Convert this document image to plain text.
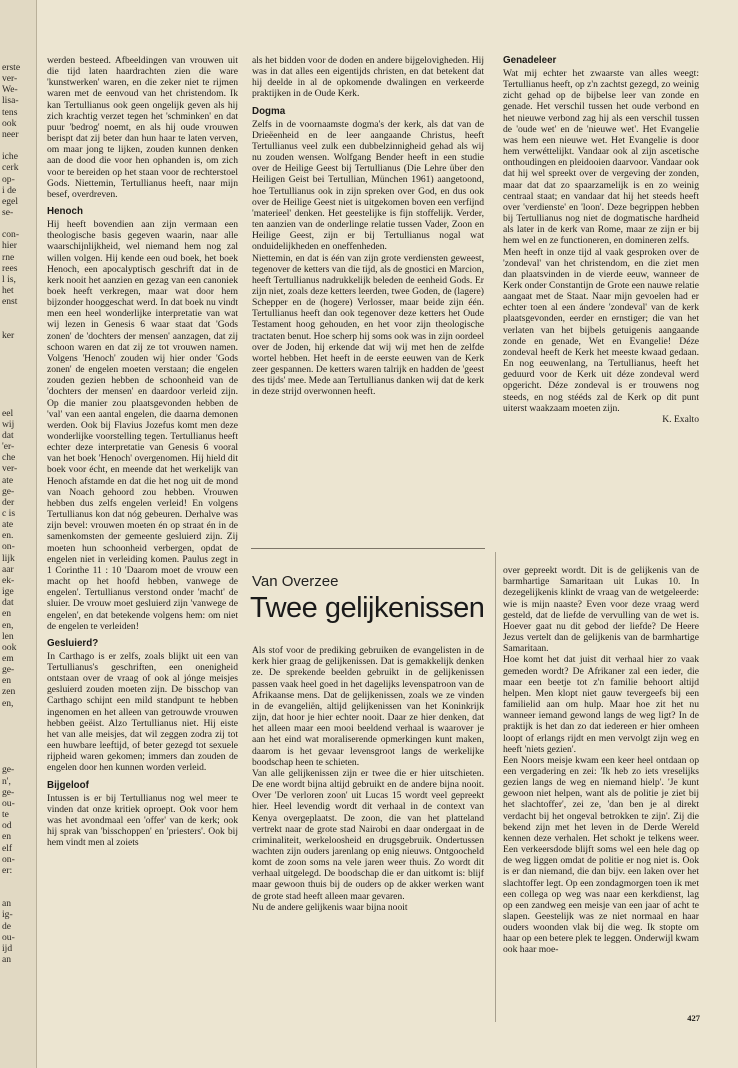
erste
ver-
We-
lisa-
tens
ook
neer
iche
cerk
op-
i de
egel
se-
con-
hier
rne
rees
l is,
het
enst
ker
eel
wij
dat
'er-
che
ver-
ate
ge-
der
c is
ate
en.
on-
lijk
aar
ek-
ige
dat
en
en,
len
ook
em
ge-
en
zen
en,
ge-
n',
ge-
ou-
te
od
en
elf
on-
er:
an
ig-
de
ou-
ijd
an

werden besteed. Afbeeldingen van vrouwen uit die tijd laten haardrachten zien die ware 'kunstwerken' waren, en die zeker niet te rijmen waren met de eenvoud van het christendom. Ik kan Tertullianus ook geen ongelijk geven als hij zich krachtig verzet tegen het 'schminken' en dat puur 'bedrog' noemt, en als hij oude vrouwen berispt dat zij beter dan hun haar te laten verven, om maar jong te lijken, zouden kunnen denken aan de dood die voor hen ophanden is, om zich voor te bereiden op het staan voor de rechterstoel Gods. Niettemin, Tertullianus heeft, naar mijn besef, overdreven.

Henoch

Hij heeft bovendien aan zijn vermaan een theologische basis gegeven waarin, naar alle waarschijnlijkheid, wel niemand hem nog zal willen volgen. Hij kende een oud boek, het boek Henoch, een apocalyptisch geschrift dat in de kerk nooit het aanzien en gezag van een canoniek boek heeft verkregen, maar wat door hem bijzonder hooggeschat werd. In dat boek nu vindt men een heel wonderlijke interpretatie van wat wij lezen in Genesis 6 waar staat dat 'Gods zonen' de 'dochters der mensen' aanzagen, dat zij schoon waren en dat zij ze tot vrouwen namen. Volgens 'Henoch' zouden wij hier onder 'Gods zonen' de engelen moeten verstaan; die engelen zouden gezien hebben de schoonheid van de 'dochters der mensen' en daardoor verleid zijn. Op die manier zou plaatsgevonden hebben de 'val' van een aantal engelen, die daarna demonen werden. Ook bij Flavius Jozefus komt men deze wonderlijke voorstelling tegen. Tertullianus heeft echter deze interpretatie van Genesis 6 vooral van het boek 'Henoch' overgenomen. Hij hield dit boek voor écht, en meende dat het werkelijk van Henoch afstamde en dat die het nog uit de mond van Noach gehoord zou hebben. Vrouwen hebben dus zelfs engelen verleid! En volgens Tertullianus kon dat nóg gebeuren. Derhalve was zijn bevel: vrouwen moeten én op straat én in de samenkomsten der gemeente gesluierd zijn. Zij moeten hun schoonheid verbergen, opdat de engelen niet in verleiding komen. Paulus zegt in 1 Corinthe 11 : 10 'Daarom moet de vrouw een macht op het hoofd hebben, vanwege de engelen'. Tertullianus verstond onder 'macht' de sluier. De vrouw moet gesluierd zijn 'vanwege de engelen', en dat betekende volgens hem: om niet de engelen te verleiden!

Gesluierd?

In Carthago is er zelfs, zoals blijkt uit een van Tertullianus's geschriften, een onenigheid ontstaan over de vraag of ook al jónge meisjes gesluierd zouden moeten zijn. De bisschop van Carthago schijnt een mild standpunt te hebben ingenomen en het alleen van getrouwde vrouwen hebben geëist. Alzo Tertullianus niet. Hij eiste het van alle meisjes, dat wil zeggen zodra zij tot een huwbare leeftijd, of beter gezegd tot sexuele rijpheid waren gekomen; immers dan zouden de engelen door hen kunnen worden verleid.

Bijgeloof

Intussen is er bij Tertullianus nog wel meer te vinden dat onze kritiek oproept. Ook voor hem was het avondmaal een 'offer' van de kerk; ook hij sprak van 'bisschoppen' en 'priesters'. Ook bij hem vindt men al zoiets

als het bidden voor de doden en andere bijgelovigheden. Hij was in dat alles een eigentijds christen, en dat betekent dat hij deelde in al de opkomende dwalingen en verkeerde praktijken in de Oude Kerk.

Dogma

Zelfs in de voornaamste dogma's der kerk, als dat van de Drieëenheid en de leer aangaande Christus, heeft Tertullianus veel zulk een dubbelzinnigheid gehad als wij nu zouden wensen. Wolfgang Bender heeft in een studie over de Heilige Geest bij Tertullianus (Die Lehre über den Heiligen Geist bei Tertullian, München 1961) aangetoond, hoe Tertullianus ook in zijn spreken over God, en dus ook over de Heilige Geest niet is uitgekomen boven een verfijnd 'materieel' denken. Het geestelijke is fijn stoffelijk. Verder, ten aanzien van de onderlinge relatie tussen Vader, Zoon en Heilige Geest, zijn er bij Tertullianus nogal wat onduidelijkheden en oneffenheden.

Niettemin, en dat is één van zijn grote verdiensten geweest, tegenover de ketters van die tijd, als de gnostici en Marcion, heeft Tertullianus nadrukkelijk beleden de eenheid Gods. Er zijn niet, zoals deze ketters leerden, twee Goden, de (lagere) Schepper en de (hogere) Verlosser, maar beide zijn één. Tertullianus heeft dan ook tegenover deze ketters het Oude Testament hoog gehouden, en het voor zijn theologische tractaten benut. Hoe scherp hij soms ook was in zijn oordeel over de Joden, hij erkende dat wij wij met hen de zelfde wortel hebben. Het heeft in de eerste eeuwen van de Kerk zeer gespannen. De ketters waren talrijk en hadden de 'geest des tijds' mee. Mede aan Tertullianus danken wij dat de kerk in deze strijd overwonnen heeft.

Genadeleer

Wat mij echter het zwaarste van alles weegt: Tertullianus heeft, op z'n zachtst gezegd, zo weinig zicht gehad op de bijbelse leer van zonde en genade. Het verschil tussen het oude verbond en het nieuwe verbond zag hij als een verschil tussen de 'oude wet' en de 'nieuwe wet'. Het Evangelie was hem een nieuwe wet. Het Evangelie is door hem verwéttelijkt. Vandaar ook al zijn ascetische onthoudingen en pleidooien daarvoor. Vandaar ook dat hij wel spreekt over de vergeving der zonden, maar dat dat zo spaarzamelijk is en zo weinig centraal staat; en vandaar dat hij het steeds heeft over 'verdienste' en 'loon'. Deze begrippen hebben bij Tertullianus nog niet de dogmatische hardheid als later in de kerk van Rome, maar ze zijn er bij hem wel en ze functioneren, en domineren zelfs.

Men heeft in onze tijd al vaak gesproken over de 'zondeval' van het christendom, en die ziet men dan plaatsvinden in de vierde eeuw, wanneer de Kerk onder Constantijn de Grote een nauwe relatie aangaat met de Staat. Naar mijn gevoelen had er echter toen al een ándere 'zondeval' van de kerk plaatsgevonden, eerder en ernstiger; die van het verlaten van het bijbels getuigenis aangaande zonde en genade, Wet en Evangelie! Déze zondeval heeft de Kerk het meeste kwaad gedaan. En nog eeuwenlang, na Tertullianus, heeft het geduurd voor de Kerk uit déze zondeval werd opgericht. Déze zondeval is er trouwens nog steeds, en nog stééds zal de Kerk op dit punt uiterst waakzaam moeten zijn.

K. Exalto

Van Overzee
Twee gelijkenissen

Als stof voor de prediking gebruiken de evangelisten in de kerk hier graag de gelijkenissen. Dat is gemakkelijk denken ze. De sprekende beelden gebruikt in de gelijkenissen passen vaak heel goed in het dagelijks levenspatroon van de Afrikaanse mens. Dat de gelijkenissen, zoals we ze vinden in de evangeliën, altijd gelijkenissen van het Koninkrijk zijn, dat hoor je hier echter nooit. Daar ze hier denken, dat het alleen maar een mooi beeldend verhaal is waarover je aan het eind wat moraliserende opmerkingen kunt maken, daarom is het gevaar levensgroot langs de werkelijke boodschap heen te schieten.
Van alle gelijkenissen zijn er twee die er hier uitschieten. De ene wordt bijna altijd gebruikt en de andere bijna nooit. Over 'De verloren zoon' uit Lucas 15 wordt veel gepreekt hier. Heel levendig wordt dit verhaal in de context van Kenya overgeplaatst. De zoon, die van het platteland vertrekt naar de grote stad Nairobi en daar ondergaat in de criminaliteit, werkeloosheid en drugsgebruik. Ondertussen wachten zijn ouders jarenlang op enig nieuws. Ontgoocheld komt de zoon soms na vele jaren weer thuis. Zo wordt dit verhaal uitgelegd. De boodschap die er dan uitkomt is: blijf maar gewoon thuis bij de ouders op de akker werken want de grote stad heeft alleen maar gevaren.
Nu de andere gelijkenis waar bijna nooit

over gepreekt wordt. Dit is de gelijkenis van de barmhartige Samaritaan uit Lukas 10. In dezegelijkenis klinkt de vraag van de wetgeleerde: wie is mijn naaste? Even voor deze vraag werd gesteld, dat de liefde de vervulling van de wet is. Hoever gaat nu dit gebod der liefde? De Heere Jezus vertelt dan de gelijkenis van de barmhartige Samaritaan.
Hoe komt het dat juist dit verhaal hier zo vaak gemeden wordt? De Afrikaner zal een ieder, die maar een beetje tot z'n familie behoort altijd helpen. Men klopt niet gauw tevergeefs bij een familielid aan om hulp. Maar hoe zit het nu wanneer iemand gewond langs de weg ligt? In de praktijk is het dan zo dat iedereen er hier omheen loopt of erlangs rijdt en men vervolgt zijn weg en heeft 'niets gezien'.
Een Noors meisje kwam een keer heel ontdaan op een vergadering en zei: 'Ik heb zo iets vreselijks gezien langs de weg en niemand hielp'. 'Je kunt gewoon niet helpen, want als de politie je ziet bij het slachtoffer', zei ze, 'dan ben je al direkt verdacht bij het ongeval betrokken te zijn'. Zij die bekend zijn met het leven in de Derde Wereld kennen deze verhalen. Het schokt je telkens weer. Een verkeersdode blijft soms wel een hele dag op de weg liggen omdat de politie er nog niet is. Ook is er dan niemand, die dan bijv. een laken over het slachtoffer legt. Op een zondagmorgen toen ik met een collega op weg was naar een kerkdienst, lag op een zandweg een meisje van een jaar of acht te slapen. Geestelijk was ze niet normaal en haar ouders woonden vlak bij die weg. Ik stopte om haar op een betere plek te leggen. Onderwijl kwam ook haar moe-

427
